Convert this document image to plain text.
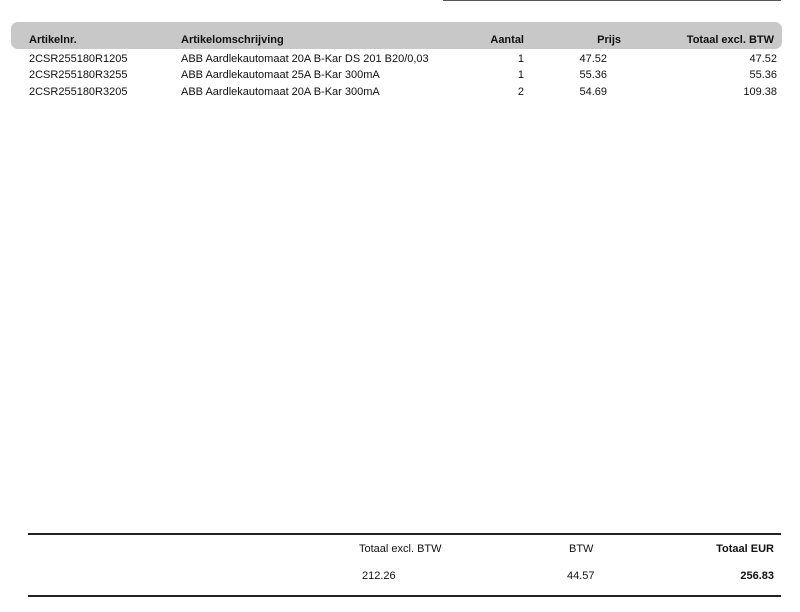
Artikelnr.	Artikelomschrijving	Aantal	Prijs	Totaal excl. BTW
2CSR255180R1205	ABB Aardlekautomaat 20A B-Kar DS 201 B20/0,03	1	47.52	47.52
2CSR255180R3255	ABB Aardlekautomaat 25A B-Kar 300mA	1	55.36	55.36
2CSR255180R3205	ABB Aardlekautomaat 20A B-Kar 300mA	2	54.69	109.38
Totaal excl. BTW	BTW	Totaal EUR
212.26	44.57	256.83
